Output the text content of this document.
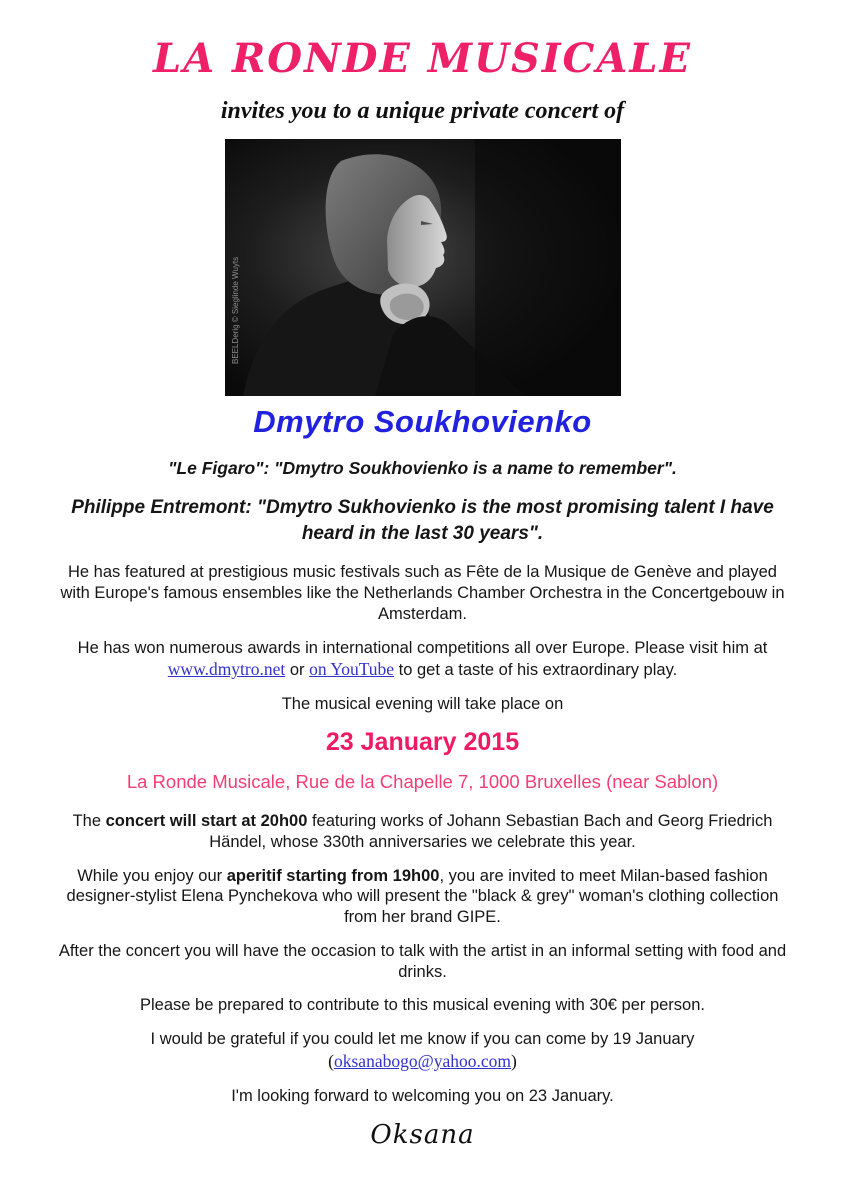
LA RONDE MUSICALE
invites you to a unique private concert of
BEELDerig © Sieglinde Wuyts
Dmytro Soukhovienko
"Le Figaro": "Dmytro Soukhovienko is a name to remember".
Philippe Entremont: "Dmytro Sukhovienko is the most promising talent I have heard in the last 30 years".

He has featured at prestigious music festivals such as Fête de la Musique de Genève and played with Europe's famous ensembles like the Netherlands Chamber Orchestra in the Concertgebouw in Amsterdam.

He has won numerous awards in international competitions all over Europe. Please visit him at www.dmytro.net or on YouTube to get a taste of his extraordinary play.

The musical evening will take place on

23 January 2015
La Ronde Musicale, Rue de la Chapelle 7, 1000 Bruxelles (near Sablon)

The concert will start at 20h00 featuring works of Johann Sebastian Bach and Georg Friedrich Händel, whose 330th anniversaries we celebrate this year.

While you enjoy our aperitif starting from 19h00, you are invited to meet Milan-based fashion designer-stylist Elena Pynchekova who will present the "black & grey" woman's clothing collection from her brand GIPE.

After the concert you will have the occasion to talk with the artist in an informal setting with food and drinks.

Please be prepared to contribute to this musical evening with 30€ per person.

I would be grateful if you could let me know if you can come by 19 January (oksanabogo@yahoo.com)

I'm looking forward to welcoming you on 23 January.

Oksana
